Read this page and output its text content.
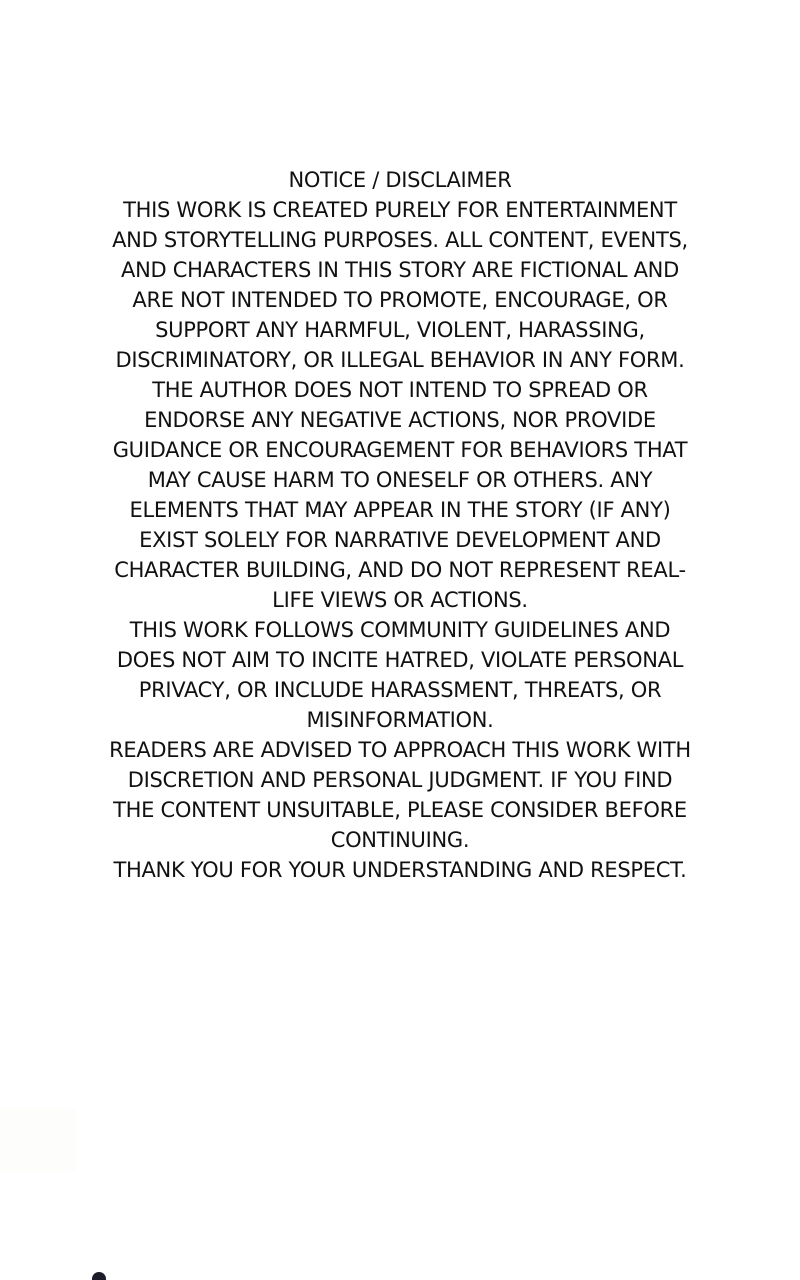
NOTICE / DISCLAIMER

THIS WORK IS CREATED PURELY FOR ENTERTAINMENT
AND STORYTELLING PURPOSES. ALL CONTENT, EVENTS,
AND CHARACTERS IN THIS STORY ARE FICTIONAL AND
ARE NOT INTENDED TO PROMOTE, ENCOURAGE, OR
SUPPORT ANY HARMFUL, VIOLENT, HARASSING,
DISCRIMINATORY, OR ILLEGAL BEHAVIOR IN ANY FORM.

THE AUTHOR DOES NOT INTEND TO SPREAD OR
ENDORSE ANY NEGATIVE ACTIONS, NOR PROVIDE
GUIDANCE OR ENCOURAGEMENT FOR BEHAVIORS THAT
MAY CAUSE HARM TO ONESELF OR OTHERS. ANY
ELEMENTS THAT MAY APPEAR IN THE STORY (IF ANY)
EXIST SOLELY FOR NARRATIVE DEVELOPMENT AND
CHARACTER BUILDING, AND DO NOT REPRESENT REAL-
LIFE VIEWS OR ACTIONS.

THIS WORK FOLLOWS COMMUNITY GUIDELINES AND
DOES NOT AIM TO INCITE HATRED, VIOLATE PERSONAL
PRIVACY, OR INCLUDE HARASSMENT, THREATS, OR
MISINFORMATION.

READERS ARE ADVISED TO APPROACH THIS WORK WITH
DISCRETION AND PERSONAL JUDGMENT. IF YOU FIND
THE CONTENT UNSUITABLE, PLEASE CONSIDER BEFORE
CONTINUING.

THANK YOU FOR YOUR UNDERSTANDING AND RESPECT.
